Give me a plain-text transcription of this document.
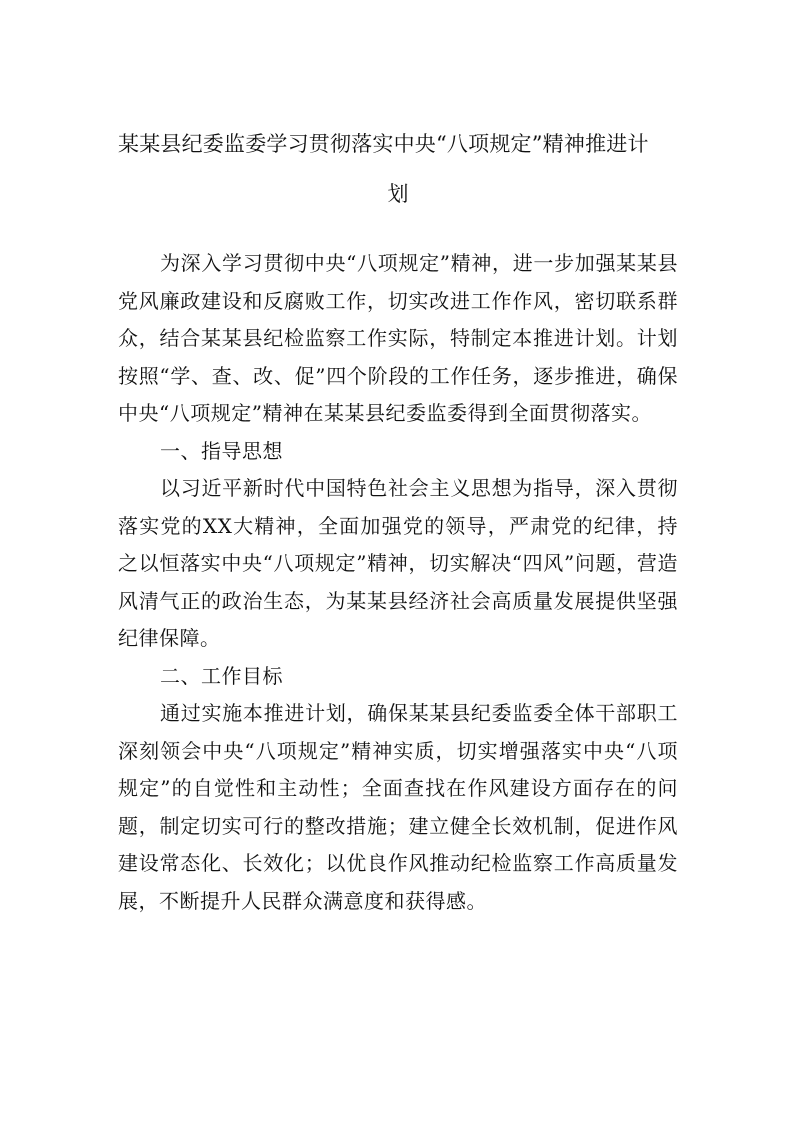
某某县纪委监委学习贯彻落实中央“八项规定”精神推进计
划

为深入学习贯彻中央“八项规定”精神，进一步加强某某县党风廉政建设和反腐败工作，切实改进工作作风，密切联系群众，结合某某县纪检监察工作实际，特制定本推进计划。计划按照“学、查、改、促”四个阶段的工作任务，逐步推进，确保中央“八项规定”精神在某某县纪委监委得到全面贯彻落实。

一、指导思想

以习近平新时代中国特色社会主义思想为指导，深入贯彻落实党的XX大精神，全面加强党的领导，严肃党的纪律，持之以恒落实中央“八项规定”精神，切实解决“四风”问题，营造风清气正的政治生态，为某某县经济社会高质量发展提供坚强纪律保障。

二、工作目标

通过实施本推进计划，确保某某县纪委监委全体干部职工深刻领会中央“八项规定”精神实质，切实增强落实中央“八项规定”的自觉性和主动性；全面查找在作风建设方面存在的问题，制定切实可行的整改措施；建立健全长效机制，促进作风建设常态化、长效化；以优良作风推动纪检监察工作高质量发展，不断提升人民群众满意度和获得感。
